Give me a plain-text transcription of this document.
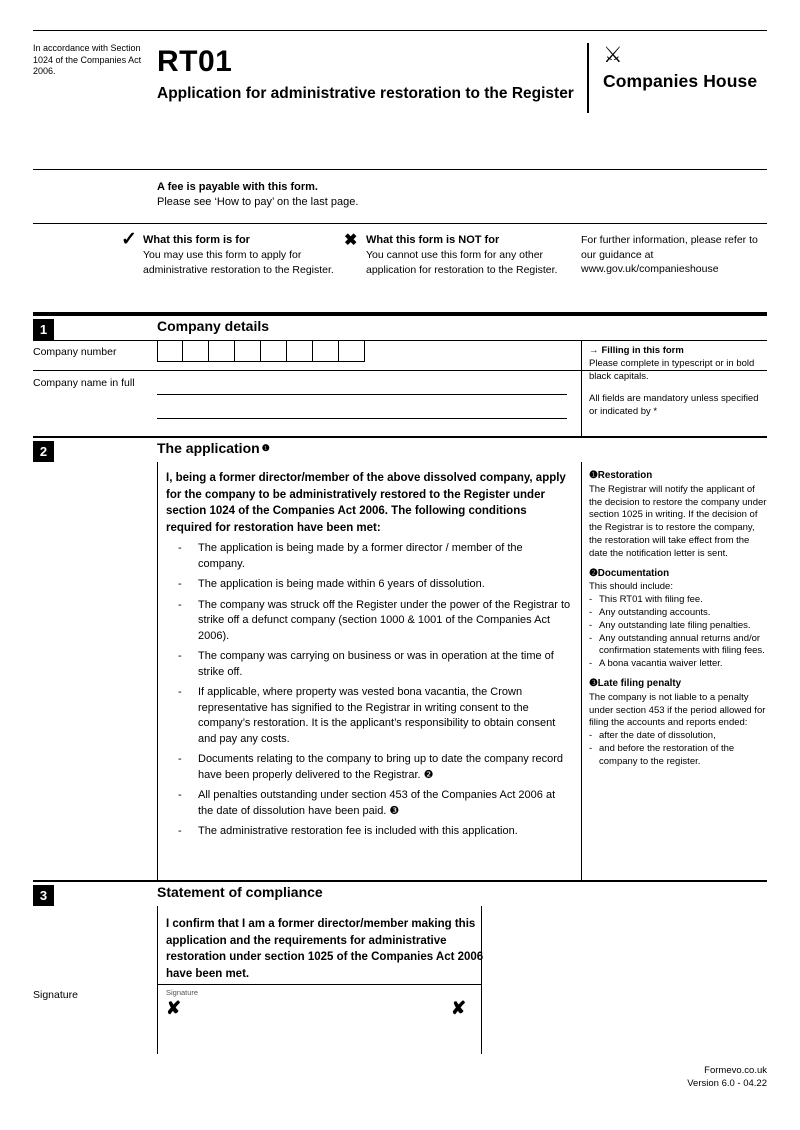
In accordance with Section 1024 of the Companies Act 2006.	RT01
Application for administrative restoration to the Register
⚔
Companies House
A fee is payable with this form.
Please see ‘How to pay’ on the last page.
✓ What this form is for
You may use this form to apply for administrative restoration to the Register.
✖ What this form is NOT for
You cannot use this form for any other application for restoration to the Register.
For further information, please refer to our guidance at www.gov.uk/companieshouse
1	Company details
Company number
Company name in full
→ Filling in this form
Please complete in typescript or in bold black capitals.
All fields are mandatory unless specified or indicated by *
2	The application ❶
I, being a former director/member of the above dissolved company, apply for the company to be administratively restored to the Register under section 1024 of the Companies Act 2006. The following conditions required for restoration have been met:
- The application is being made by a former director / member of the company.
- The application is being made within 6 years of dissolution.
- The company was struck off the Register under the power of the Registrar to strike off a defunct company (section 1000 & 1001 of the Companies Act 2006).
- The company was carrying on business or was in operation at the time of strike off.
- If applicable, where property was vested bona vacantia, the Crown representative has signified to the Registrar in writing consent to the company’s restoration. It is the applicant’s responsibility to obtain consent and pay any costs.
- Documents relating to the company to bring up to date the company record have been properly delivered to the Registrar. ❷
- All penalties outstanding under section 453 of the Companies Act 2006 at the date of dissolution have been paid. ❸
- The administrative restoration fee is included with this application.
❶Restoration
The Registrar will notify the applicant of the decision to restore the company under section 1025 in writing. If the decision of the Registrar is to restore the company, the restoration will take effect from the date the notification letter is sent.
❷Documentation
This should include:
- This RT01 with filing fee.
- Any outstanding accounts.
- Any outstanding late filing penalties.
- Any outstanding annual returns and/or confirmation statements with filing fees.
- A bona vacantia waiver letter.
❸Late filing penalty
The company is not liable to a penalty under section 453 if the period allowed for filing the accounts and reports ended:
- after the date of dissolution,
- and before the restoration of the company to the register.
3	Statement of compliance
I confirm that I am a former director/member making this application and the requirements for administrative restoration under section 1025 of the Companies Act 2006 have been met.
Signature	Signature
✘	✘
Formevo.co.uk
Version 6.0 - 04.22
